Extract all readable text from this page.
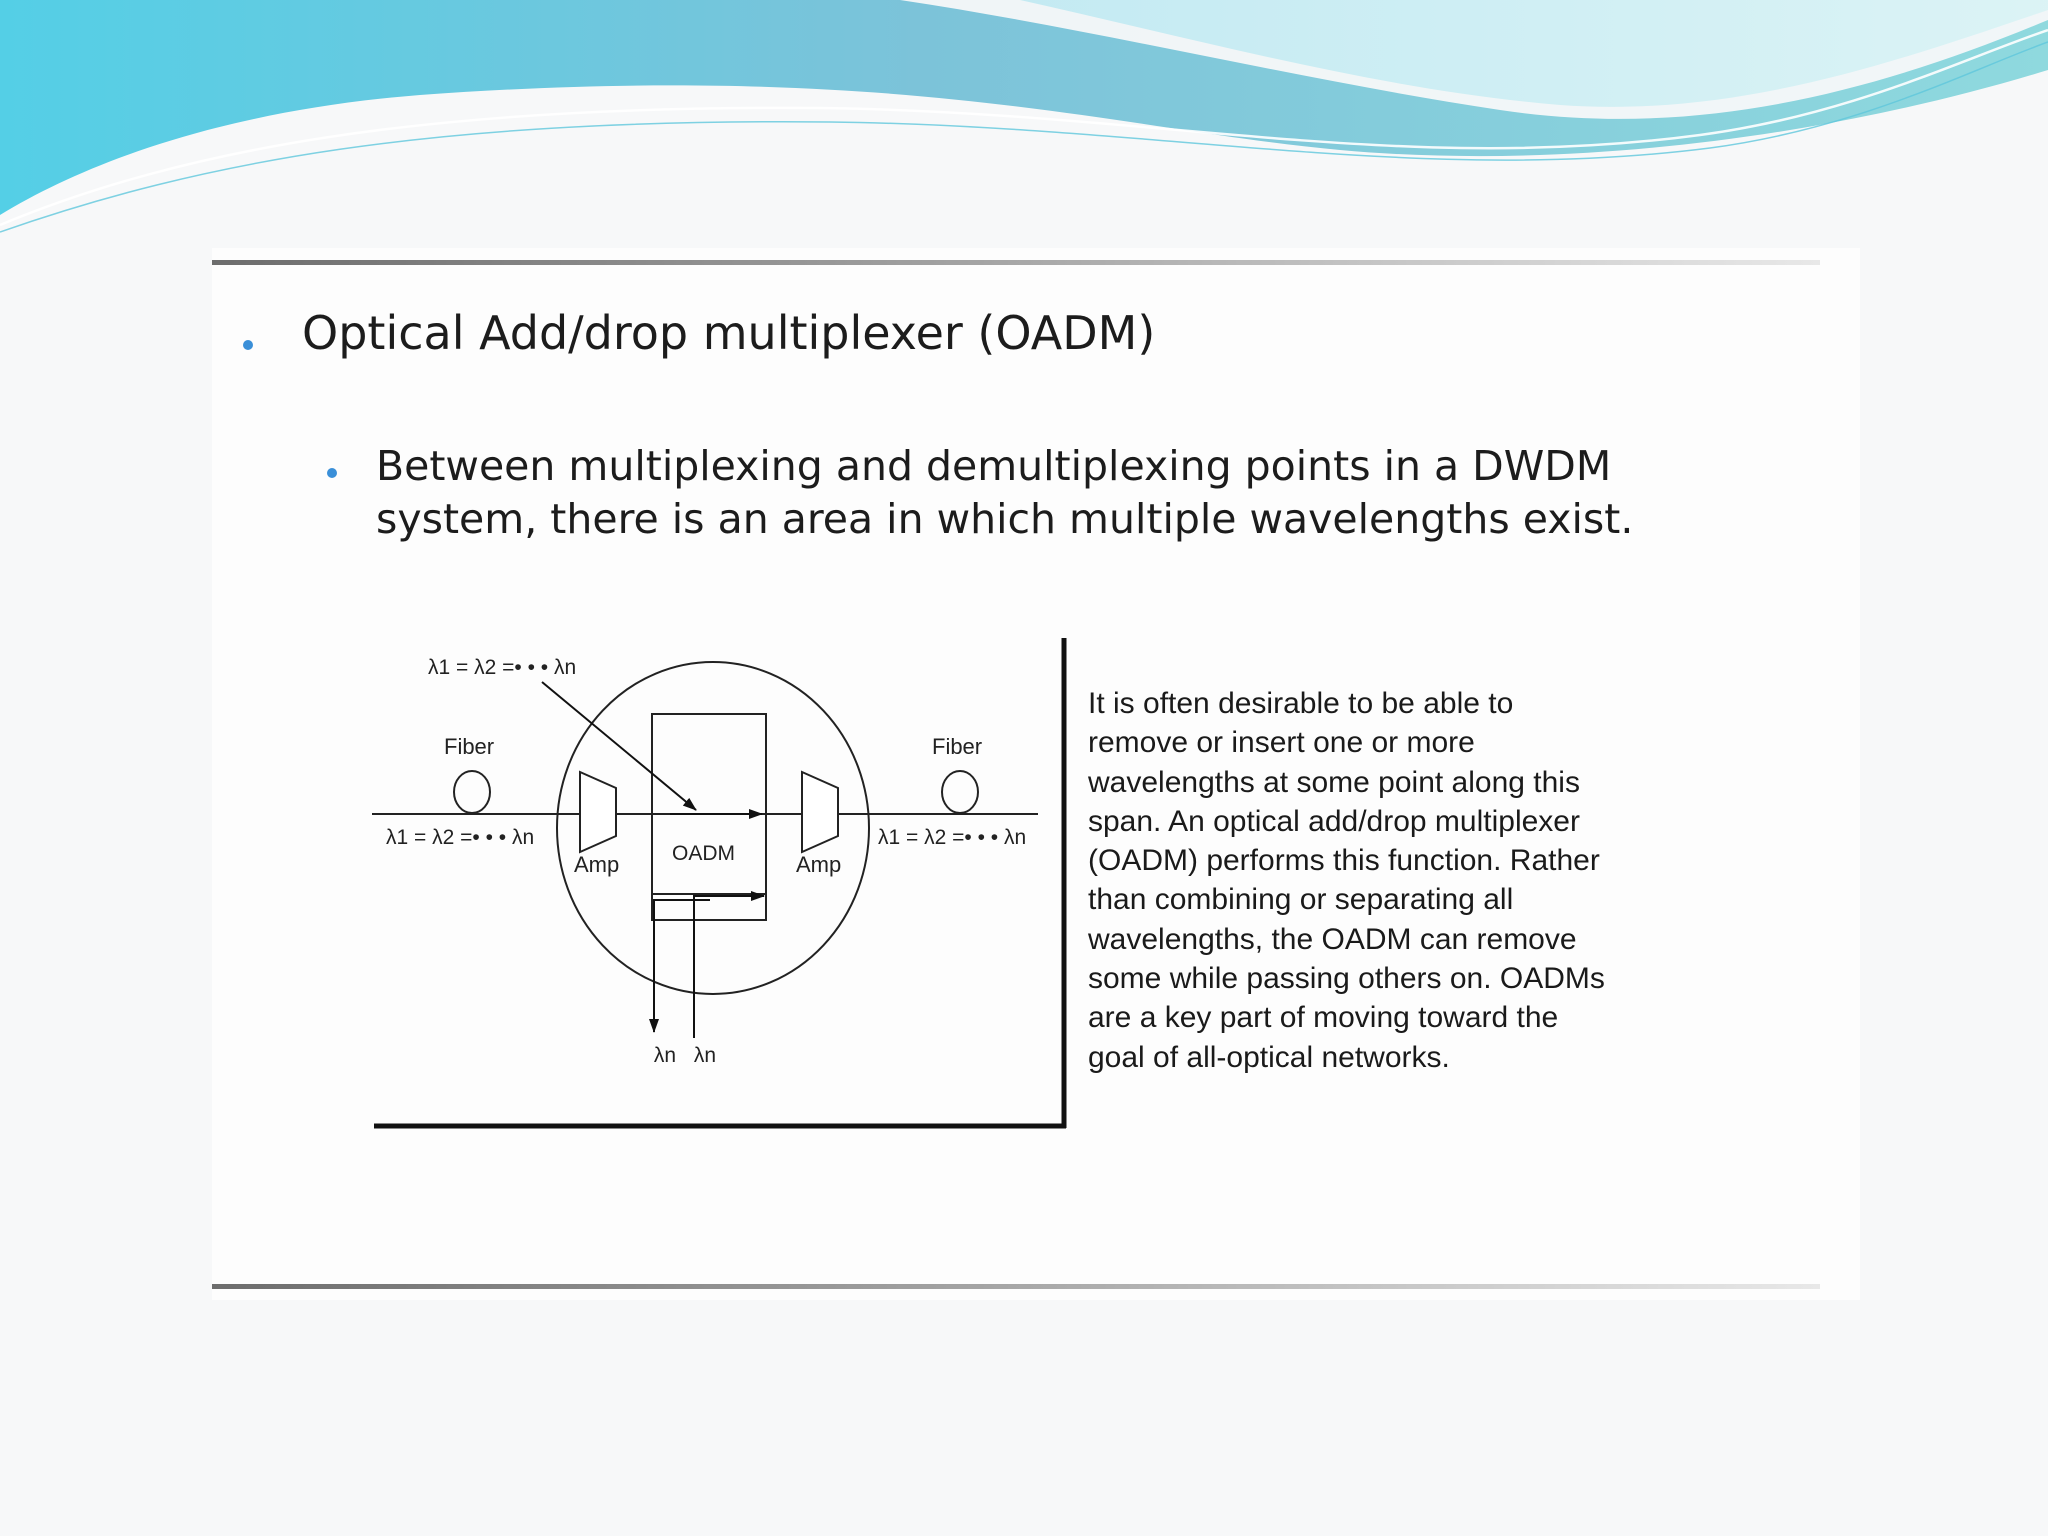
Optical Add/drop multiplexer (OADM)

Between multiplexing and demultiplexing points in a DWDM
system, there is an area in which multiple wavelengths exist.

λ1 = λ2 =• • • λn
Fiber	Fiber
λ1 = λ2 =• • • λn	λ1 = λ2 =• • • λn
Amp	Amp
OADM
λn λn

It is often desirable to be able to
remove or insert one or more
wavelengths at some point along this
span. An optical add/drop multiplexer
(OADM) performs this function. Rather
than combining or separating all
wavelengths, the OADM can remove
some while passing others on. OADMs
are a key part of moving toward the
goal of all-optical networks.
